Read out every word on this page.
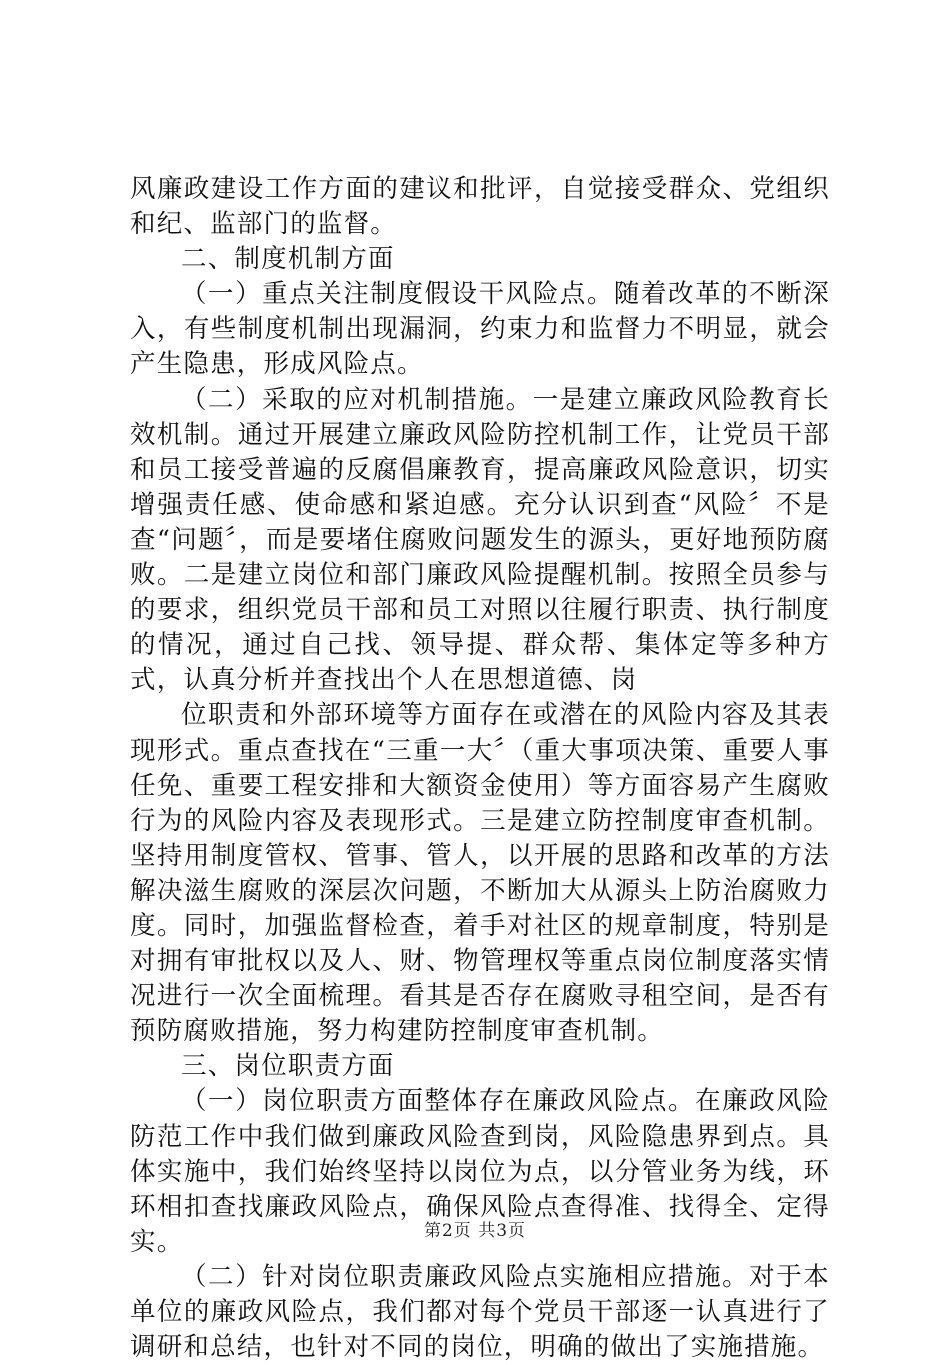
风廉政建设工作方面的建议和批评，自觉接受群众、党组织和纪、监部门的监督。

二、制度机制方面

（一）重点关注制度假设干风险点。随着改革的不断深入，有些制度机制出现漏洞，约束力和监督力不明显，就会产生隐患，形成风险点。

（二）采取的应对机制措施。一是建立廉政风险教育长效机制。通过开展建立廉政风险防控机制工作，让党员干部和员工接受普遍的反腐倡廉教育，提高廉政风险意识，切实增强责任感、使命感和紧迫感。充分认识到查“风险〞不是查“问题〞，而是要堵住腐败问题发生的源头，更好地预防腐败。二是建立岗位和部门廉政风险提醒机制。按照全员参与的要求，组织党员干部和员工对照以往履行职责、执行制度的情况，通过自己找、领导提、群众帮、集体定等多种方式，认真分析并查找出个人在思想道德、岗

位职责和外部环境等方面存在或潜在的风险内容及其表现形式。重点查找在“三重一大〞（重大事项决策、重要人事任免、重要工程安排和大额资金使用）等方面容易产生腐败行为的风险内容及表现形式。三是建立防控制度审查机制。坚持用制度管权、管事、管人，以开展的思路和改革的方法解决滋生腐败的深层次问题，不断加大从源头上防治腐败力度。同时，加强监督检查，着手对社区的规章制度，特别是对拥有审批权以及人、财、物管理权等重点岗位制度落实情况进行一次全面梳理。看其是否存在腐败寻租空间，是否有预防腐败措施，努力构建防控制度审查机制。

三、岗位职责方面

（一）岗位职责方面整体存在廉政风险点。在廉政风险防范工作中我们做到廉政风险查到岗，风险隐患界到点。具体实施中，我们始终坚持以岗位为点，以分管业务为线，环环相扣查找廉政风险点，确保风险点查得准、找得全、定得实。

（二）针对岗位职责廉政风险点实施相应措施。对于本单位的廉政风险点，我们都对每个党员干部逐一认真进行了调研和总结，也针对不同的岗位，明确的做出了实施措施。

第2页 共3页
